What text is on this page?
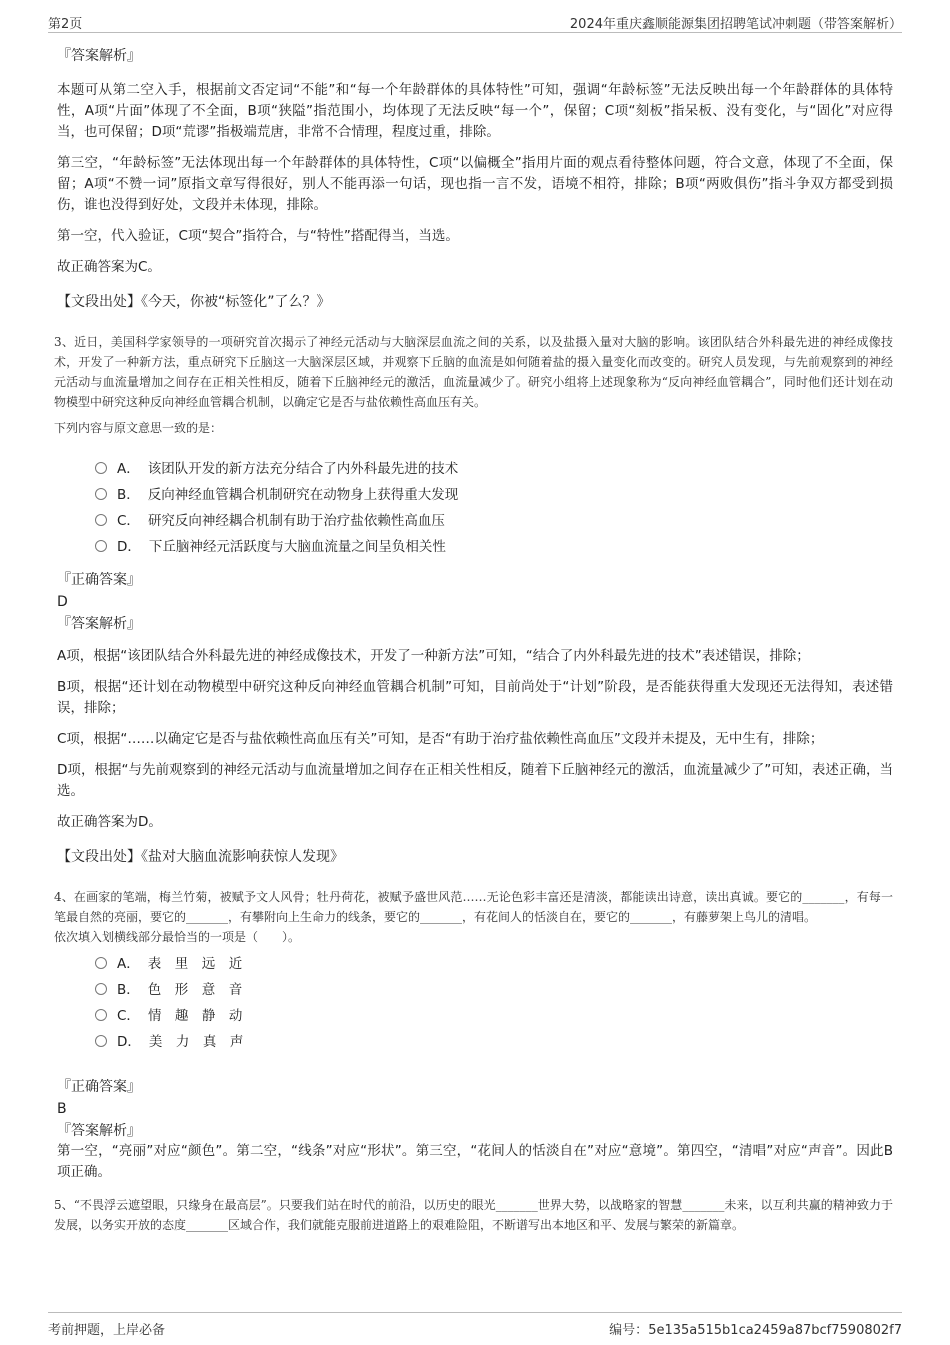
第2页	2024年重庆鑫顺能源集团招聘笔试冲刺题（带答案解析）

『答案解析』

本题可从第二空入手，根据前文否定词“不能”和“每一个年龄群体的具体特性”可知，强调“年龄标签”无法反映出每一个年龄群体的具体特性，A项“片面”体现了不全面，B项“狭隘”指范围小，均体现了无法反映“每一个”，保留；C项“刻板”指呆板、没有变化，与“固化”对应得当，也可保留；D项“荒谬”指极端荒唐，非常不合情理，程度过重，排除。

第三空，“年龄标签”无法体现出每一个年龄群体的具体特性，C项“以偏概全”指用片面的观点看待整体问题，符合文意，体现了不全面，保留；A项“不赞一词”原指文章写得很好，别人不能再添一句话，现也指一言不发，语境不相符，排除；B项“两败俱伤”指斗争双方都受到损伤，谁也没得到好处，文段并未体现，排除。

第一空，代入验证，C项“契合”指符合，与“特性”搭配得当，当选。

故正确答案为C。

【文段出处】《今天，你被“标签化”了么？》

3、近日，美国科学家领导的一项研究首次揭示了神经元活动与大脑深层血流之间的关系，以及盐摄入量对大脑的影响。该团队结合外科最先进的神经成像技术，开发了一种新方法，重点研究下丘脑这一大脑深层区域，并观察下丘脑的血流是如何随着盐的摄入量变化而改变的。研究人员发现，与先前观察到的神经元活动与血流量增加之间存在正相关性相反，随着下丘脑神经元的激活，血流量减少了。研究小组将上述现象称为“反向神经血管耦合”，同时他们还计划在动物模型中研究这种反向神经血管耦合机制，以确定它是否与盐依赖性高血压有关。

下列内容与原文意思一致的是：

A． 该团队开发的新方法充分结合了内外科最先进的技术
B． 反向神经血管耦合机制研究在动物身上获得重大发现
C． 研究反向神经耦合机制有助于治疗盐依赖性高血压
D． 下丘脑神经元活跃度与大脑血流量之间呈负相关性

『正确答案』

D

『答案解析』

A项，根据“该团队结合外科最先进的神经成像技术，开发了一种新方法”可知，“结合了内外科最先进的技术”表述错误，排除；

B项，根据“还计划在动物模型中研究这种反向神经血管耦合机制”可知，目前尚处于“计划”阶段，是否能获得重大发现还无法得知，表述错误，排除；

C项，根据“……以确定它是否与盐依赖性高血压有关”可知，是否“有助于治疗盐依赖性高血压”文段并未提及，无中生有，排除；

D项，根据“与先前观察到的神经元活动与血流量增加之间存在正相关性相反，随着下丘脑神经元的激活，血流量减少了”可知，表述正确，当选。

故正确答案为D。

【文段出处】《盐对大脑血流影响获惊人发现》

4、在画家的笔端，梅兰竹菊，被赋予文人风骨；牡丹荷花，被赋予盛世风范……无论色彩丰富还是清淡，都能读出诗意，读出真诚。要它的_______，有每一笔最自然的亮丽，要它的_______，有攀附向上生命力的线条，要它的_______，有花间人的恬淡自在，要它的_______，有藤萝架上鸟儿的清唱。

依次填入划横线部分最恰当的一项是（　　）。

A． 表　里　远　近
B． 色　形　意　音
C． 情　趣　静　动
D． 美　力　真　声

『正确答案』

B

『答案解析』

第一空，“亮丽”对应“颜色”。第二空，“线条”对应“形状”。第三空，“花间人的恬淡自在”对应“意境”。第四空，“清唱”对应“声音”。因此B项正确。

5、“不畏浮云遮望眼，只缘身在最高层”。只要我们站在时代的前沿，以历史的眼光_______世界大势，以战略家的智慧_______未来，以互利共赢的精神致力于发展，以务实开放的态度_______区域合作，我们就能克服前进道路上的艰难险阻，不断谱写出本地区和平、发展与繁荣的新篇章。

考前押题，上岸必备	编号：5e135a515b1ca2459a87bcf7590802f7
